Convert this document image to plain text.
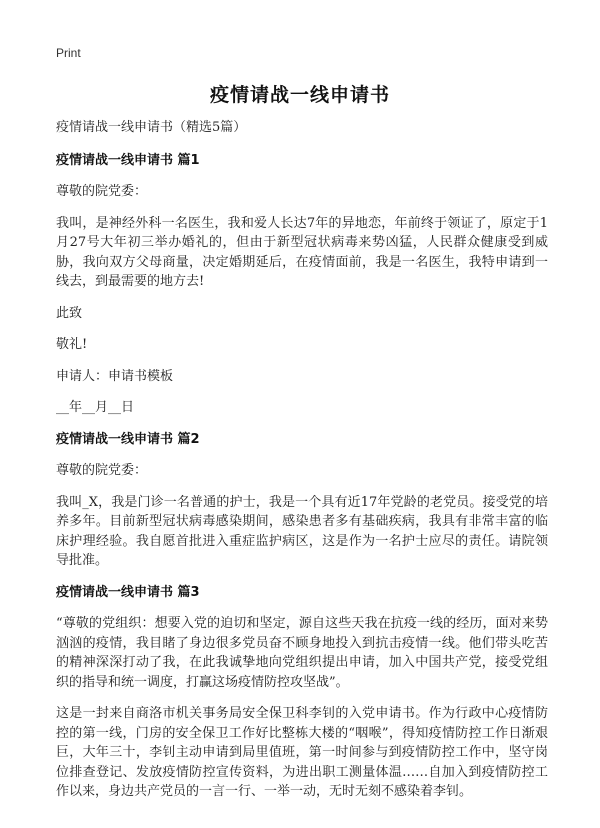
Print
疫情请战一线申请书

疫情请战一线申请书（精选5篇）

疫情请战一线申请书 篇1

尊敬的院党委：

我叫，是神经外科一名医生，我和爱人长达7年的异地恋，年前终于领证了，原定于1月27号大年初三举办婚礼的，但由于新型冠状病毒来势凶猛，人民群众健康受到威胁，我向双方父母商量，决定婚期延后，在疫情面前，我是一名医生，我特申请到一线去，到最需要的地方去!

此致

敬礼!

申请人：申请书模板

__年__月__日

疫情请战一线申请书 篇2

尊敬的院党委：

我叫_X，我是门诊一名普通的护士，我是一个具有近17年党龄的老党员。接受党的培养多年。目前新型冠状病毒感染期间，感染患者多有基础疾病，我具有非常丰富的临床护理经验。我自愿首批进入重症监护病区，这是作为一名护士应尽的责任。请院领导批准。

疫情请战一线申请书 篇3

“尊敬的党组织：想要入党的迫切和坚定，源自这些天我在抗疫一线的经历，面对来势汹汹的疫情，我目睹了身边很多党员奋不顾身地投入到抗击疫情一线。他们带头吃苦的精神深深打动了我，在此我诚挚地向党组织提出申请，加入中国共产党，接受党组织的指导和统一调度，打赢这场疫情防控攻坚战”。

这是一封来自商洛市机关事务局安全保卫科李钊的入党申请书。作为行政中心疫情防控的第一线，门房的安全保卫工作好比整栋大楼的“咽喉”，得知疫情防控工作日渐艰巨，大年三十，李钊主动申请到局里值班，第一时间参与到疫情防控工作中，坚守岗位排查登记、发放疫情防控宣传资料，为进出职工测量体温……自加入到疫情防控工作以来，身边共产党员的一言一行、一举一动，无时无刻不感染着李钊。
